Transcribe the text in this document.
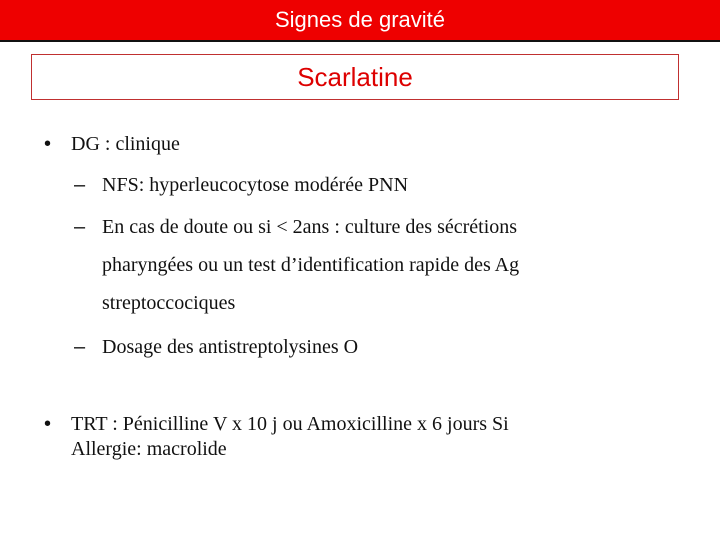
Signes de gravité
Scarlatine
• DG : clinique
– NFS: hyperleucocytose modérée PNN
– En cas de doute ou si < 2ans : culture des sécrétions
pharyngées ou un test d’identification rapide des Ag
streptoccociques
– Dosage des antistreptolysines O
• TRT : Pénicilline V x 10 j ou Amoxicilline x 6 jours Si
Allergie: macrolide
